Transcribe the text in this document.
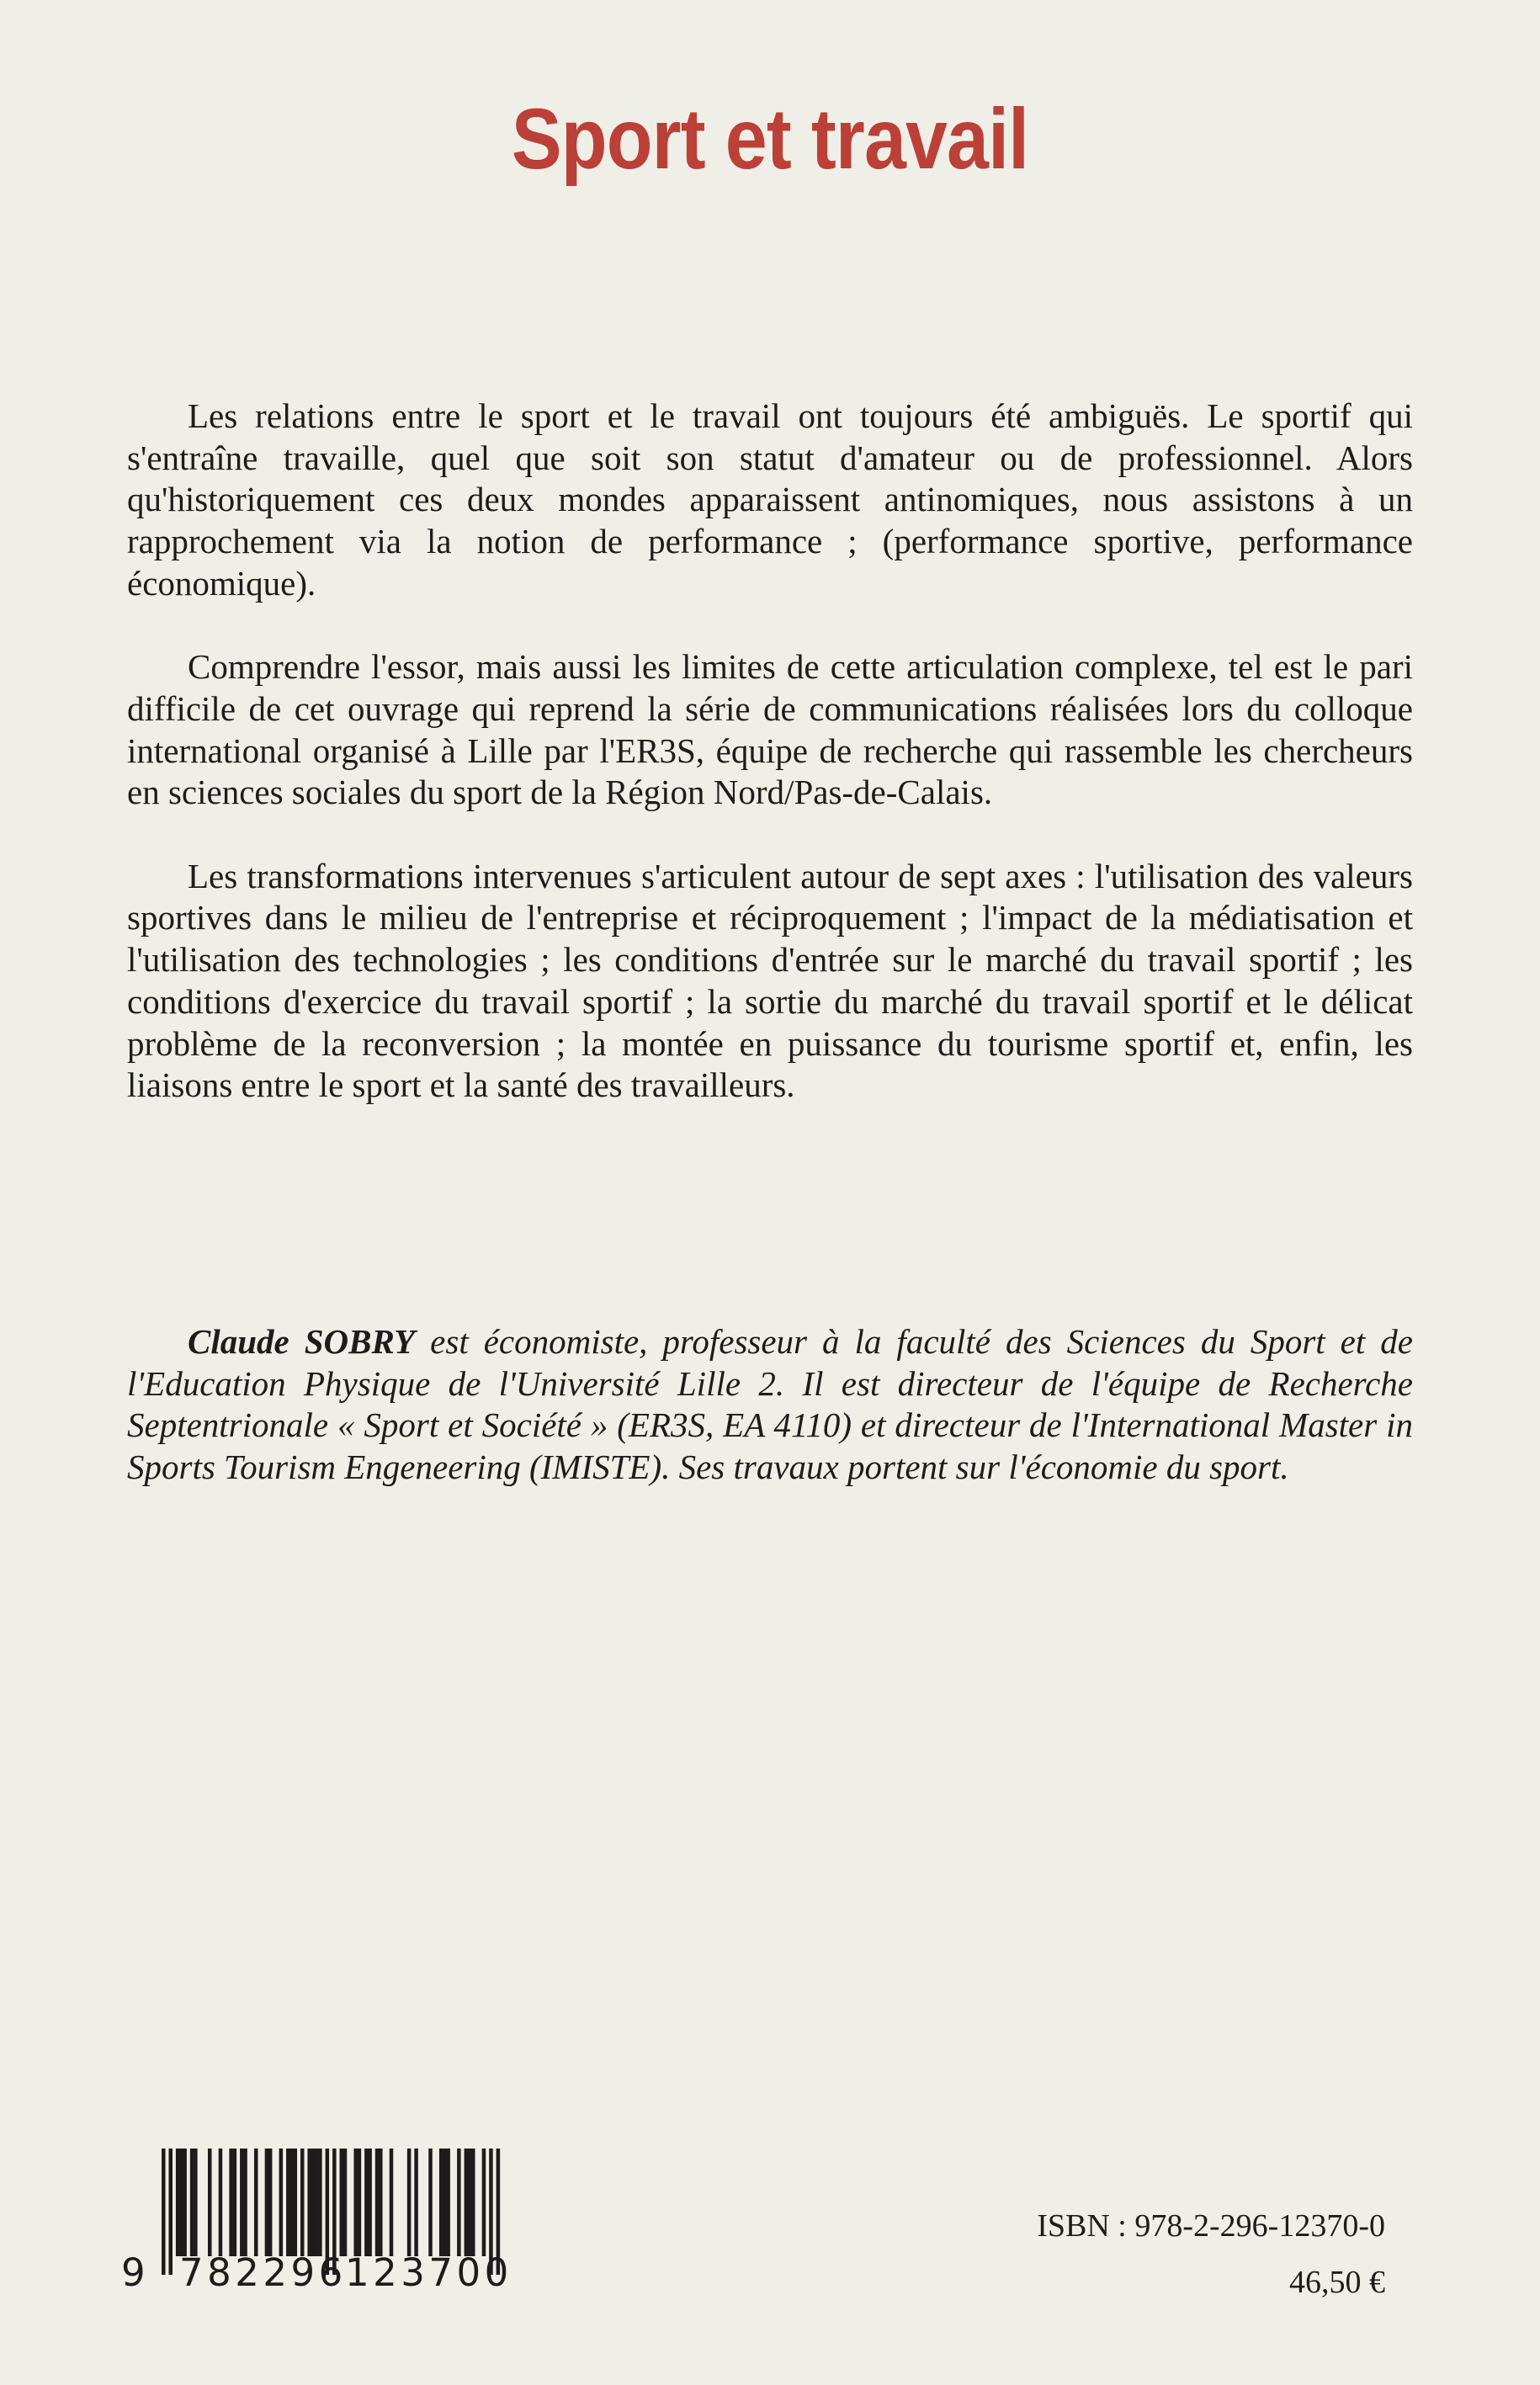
Sport et travail

Les relations entre le sport et le travail ont toujours été ambiguës. Le sportif qui s'entraîne travaille, quel que soit son statut d'amateur ou de professionnel. Alors qu'historiquement ces deux mondes apparaissent antinomiques, nous assistons à un rapprochement via la notion de performance ; (performance sportive, performance économique).

Comprendre l'essor, mais aussi les limites de cette articulation complexe, tel est le pari difficile de cet ouvrage qui reprend la série de communications réalisées lors du colloque international organisé à Lille par l'ER3S, équipe de recherche qui rassemble les chercheurs en sciences sociales du sport de la Région Nord/Pas-de-Calais.

Les transformations intervenues s'articulent autour de sept axes : l'utilisation des valeurs sportives dans le milieu de l'entreprise et réciproquement ; l'impact de la médiatisation et l'utilisation des technologies ; les conditions d'entrée sur le marché du travail sportif ; les conditions d'exercice du travail sportif ; la sortie du marché du travail sportif et le délicat problème de la reconversion ; la montée en puissance du tourisme sportif et, enfin, les liaisons entre le sport et la santé des travailleurs.

Claude SOBRY est économiste, professeur à la faculté des Sciences du Sport et de l'Education Physique de l'Université Lille 2. Il est directeur de l'équipe de Recherche Septentrionale « Sport et Société » (ER3S, EA 4110) et directeur de l'International Master in Sports Tourism Engeneering (IMISTE). Ses travaux portent sur l'économie du sport.
9 782296
123700
ISBN : 978-2-296-12370-0
46,50 €
